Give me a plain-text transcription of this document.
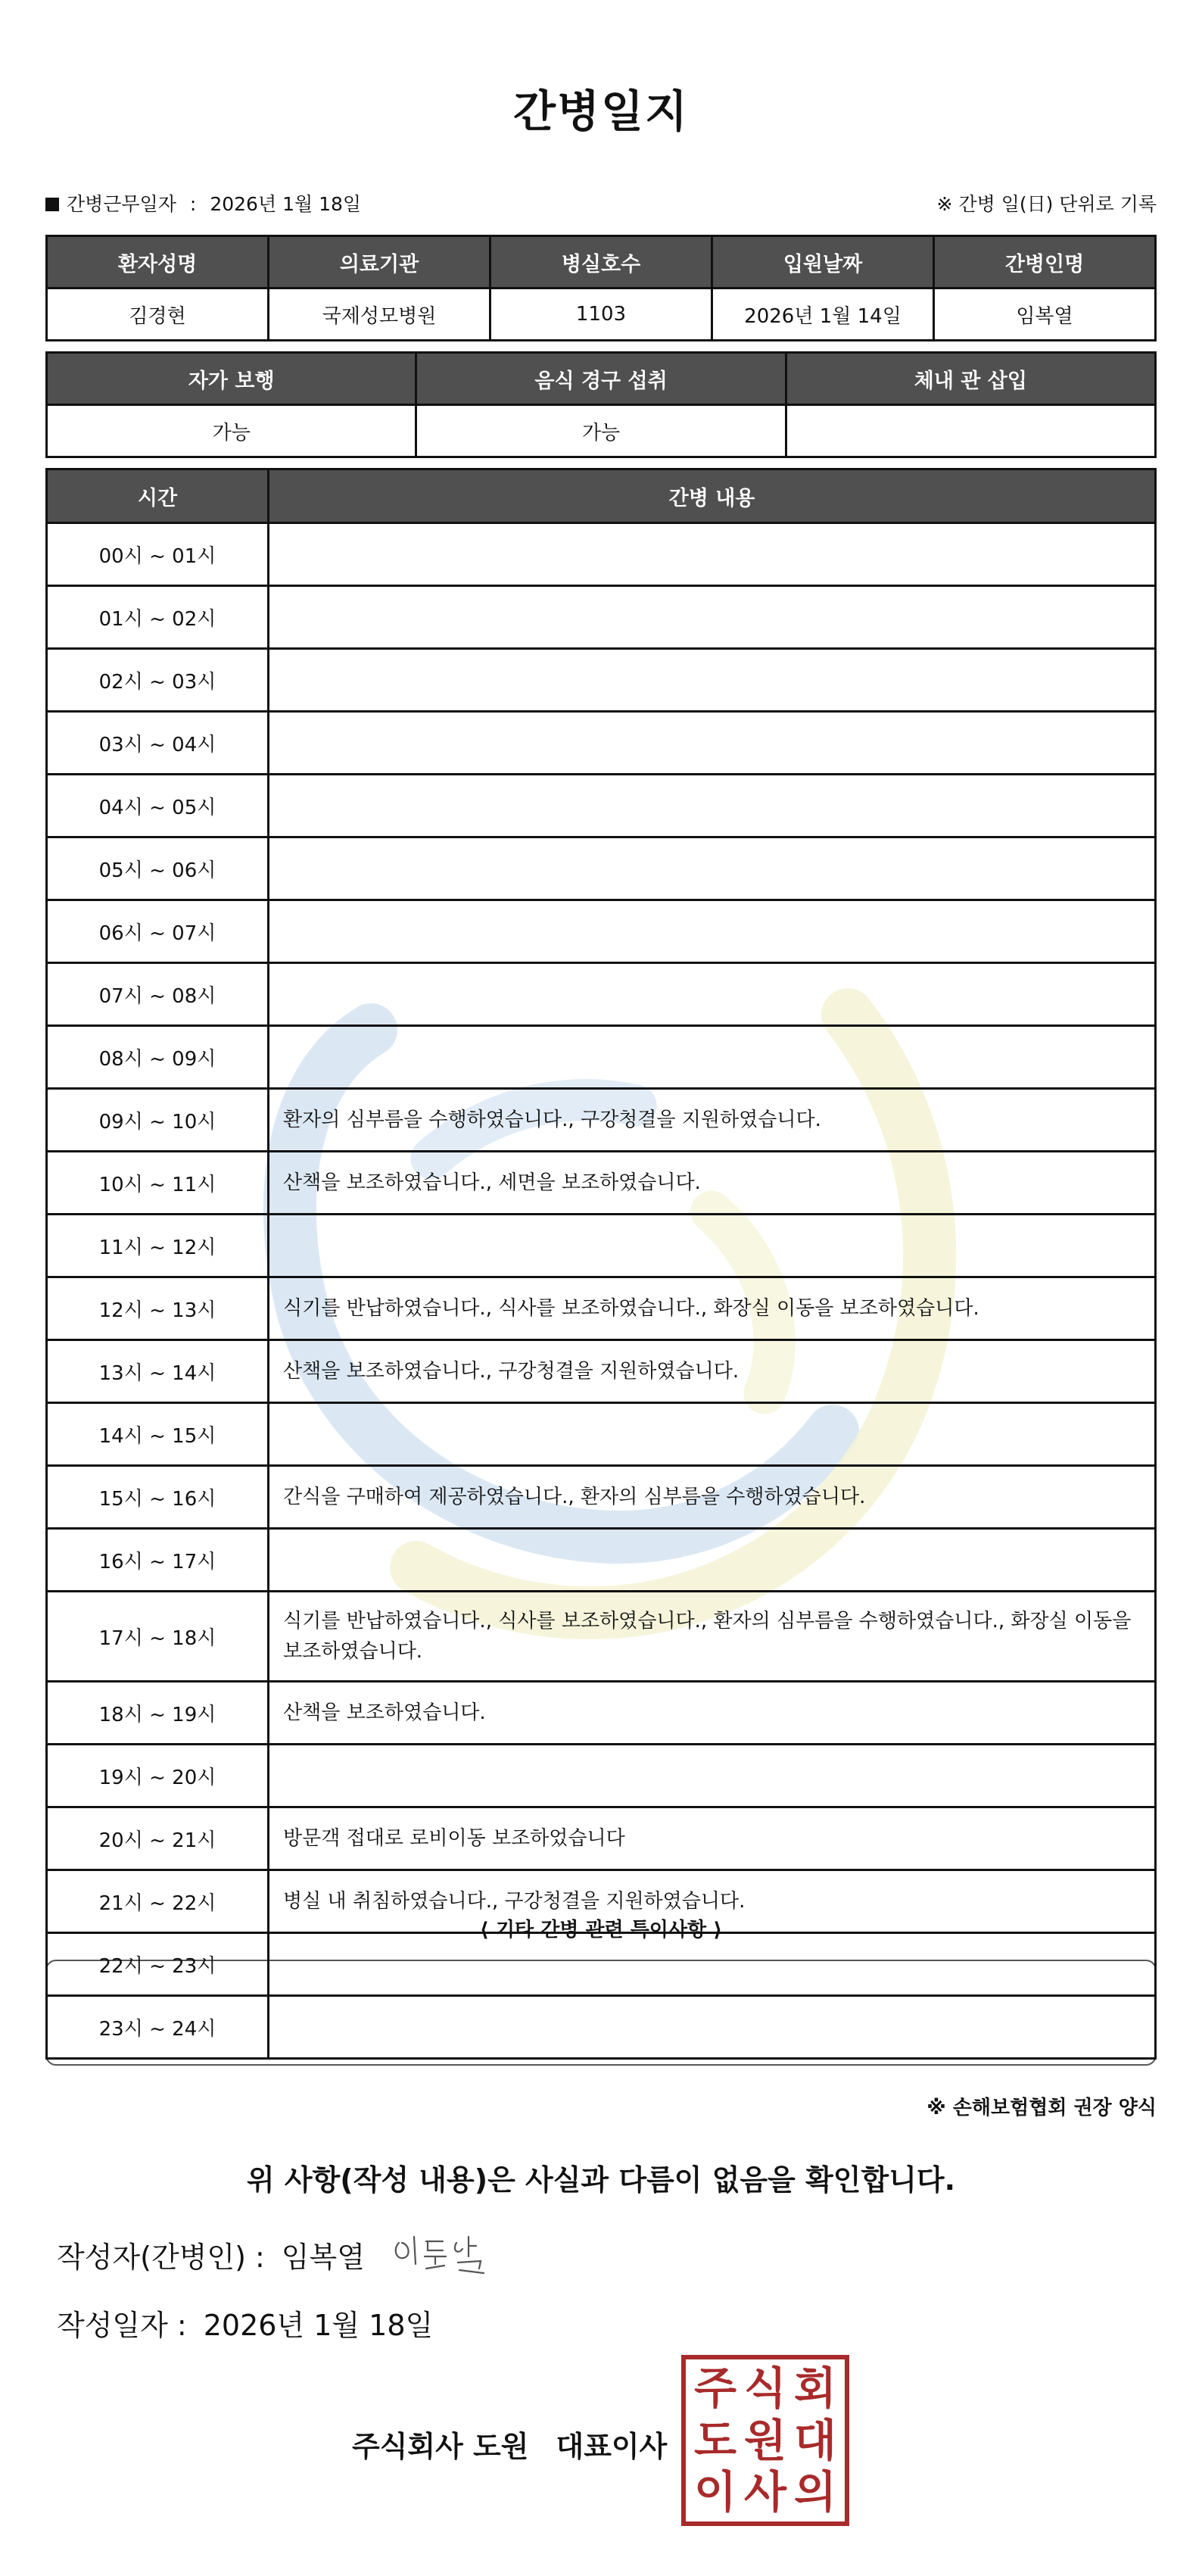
간병일지
간병근무일자 : 2026년 1월 18일	※ 간병 일(日) 단위로 기록
환자성명	의료기관	병실호수	입원날짜	간병인명
김경현	국제성모병원	1103	2026년 1월 14일	임복열
자가 보행	음식 경구 섭취	체내 관 삽입
가능	가능	
시간	간병 내용
00시 ~ 01시	
01시 ~ 02시	
02시 ~ 03시	
03시 ~ 04시	
04시 ~ 05시	
05시 ~ 06시	
06시 ~ 07시	
07시 ~ 08시	
08시 ~ 09시	
09시 ~ 10시	환자의 심부름을 수행하였습니다., 구강청결을 지원하였습니다.
10시 ~ 11시	산책을 보조하였습니다., 세면을 보조하였습니다.
11시 ~ 12시	
12시 ~ 13시	식기를 반납하였습니다., 식사를 보조하였습니다., 화장실 이동을 보조하였습니다.
13시 ~ 14시	산책을 보조하였습니다., 구강청결을 지원하였습니다.
14시 ~ 15시	
15시 ~ 16시	간식을 구매하여 제공하였습니다., 환자의 심부름을 수행하였습니다.
16시 ~ 17시	
17시 ~ 18시	식기를 반납하였습니다., 식사를 보조하였습니다., 환자의 심부름을 수행하였습니다., 화장실 이동을 보조하였습니다.
18시 ~ 19시	산책을 보조하였습니다.
19시 ~ 20시	
20시 ~ 21시	방문객 접대로 로비이동 보조하었습니다
21시 ~ 22시	병실 내 취침하였습니다., 구강청결을 지원하였습니다.
22시 ~ 23시	
23시 ~ 24시	
⟨ 기타 간병 관련 특이사항 ⟩
※ 손해보험협회 권장 양식
위 사항(작성 내용)은 사실과 다름이 없음을 확인합니다.
작성자(간병인) : 임복열
작성일자 : 2026년 1월 18일
주식회사 도원 대표이사
주 식 회
도 원 대
이 사 의
